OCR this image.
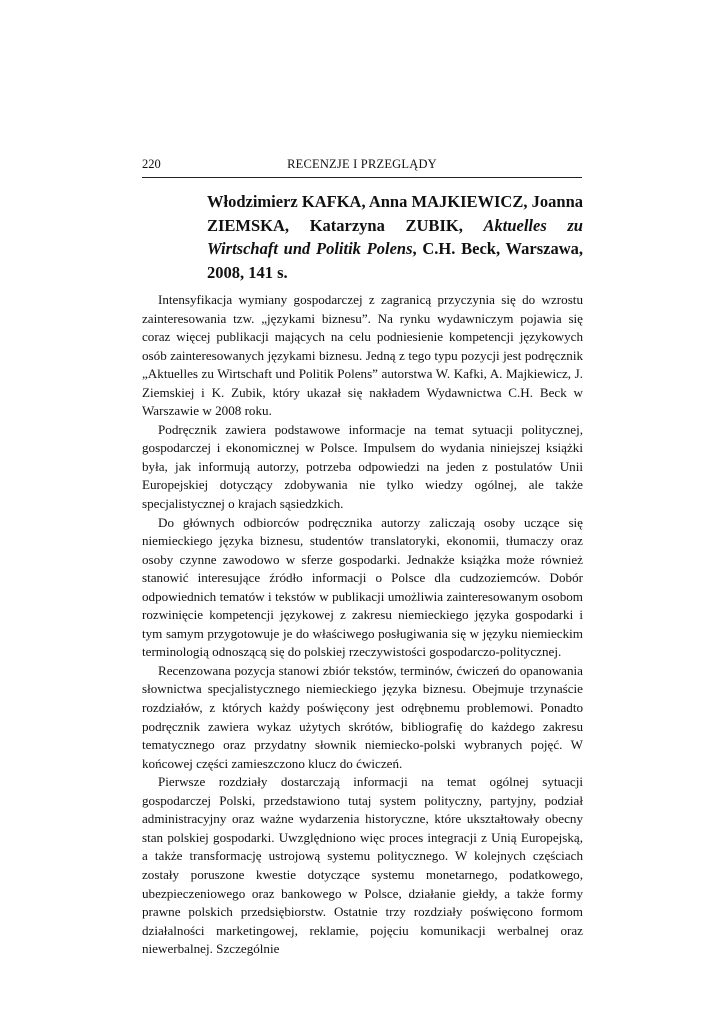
220	RECENZJE I PRZEGLĄDY
Włodzimierz KAFKA, Anna MAJKIEWICZ, Joanna ZIEMSKA, Katarzyna ZUBIK, Aktuelles zu Wirtschaft und Politik Polens, C.H. Beck, Warszawa, 2008, 141 s.

Intensyfikacja wymiany gospodarczej z zagranicą przyczynia się do wzrostu zainteresowania tzw. „językami biznesu”. Na rynku wydawniczym pojawia się coraz więcej publikacji mających na celu podniesienie kompetencji językowych osób zainteresowanych językami biznesu. Jedną z tego typu pozycji jest podręcznik „Aktuelles zu Wirtschaft und Politik Polens” autorstwa W. Kafki, A. Majkiewicz, J. Ziemskiej i K. Zubik, który ukazał się nakładem Wydawnictwa C.H. Beck w Warszawie w 2008 roku.

Podręcznik zawiera podstawowe informacje na temat sytuacji politycznej, gospodarczej i ekonomicznej w Polsce. Impulsem do wydania niniejszej książki była, jak informują autorzy, potrzeba odpowiedzi na jeden z postulatów Unii Europejskiej dotyczący zdobywania nie tylko wiedzy ogólnej, ale także specjalistycznej o krajach sąsiedzkich.

Do głównych odbiorców podręcznika autorzy zaliczają osoby uczące się niemieckiego języka biznesu, studentów translatoryki, ekonomii, tłumaczy oraz osoby czynne zawodowo w sferze gospodarki. Jednakże książka może również stanowić interesujące źródło informacji o Polsce dla cudzoziemców. Dobór odpowiednich tematów i tekstów w publikacji umożliwia zainteresowanym osobom rozwinięcie kompetencji językowej z zakresu niemieckiego języka gospodarki i tym samym przygotowuje je do właściwego posługiwania się w języku niemieckim terminologią odnoszącą się do polskiej rzeczywistości gospodarczo-politycznej.

Recenzowana pozycja stanowi zbiór tekstów, terminów, ćwiczeń do opanowania słownictwa specjalistycznego niemieckiego języka biznesu. Obejmuje trzynaście rozdziałów, z których każdy poświęcony jest odrębnemu problemowi. Ponadto podręcznik zawiera wykaz użytych skrótów, bibliografię do każdego zakresu tematycznego oraz przydatny słownik niemiecko-polski wybranych pojęć. W końcowej części zamieszczono klucz do ćwiczeń.

Pierwsze rozdziały dostarczają informacji na temat ogólnej sytuacji gospodarczej Polski, przedstawiono tutaj system polityczny, partyjny, podział administracyjny oraz ważne wydarzenia historyczne, które ukształtowały obecny stan polskiej gospodarki. Uwzględniono więc proces integracji z Unią Europejską, a także transformację ustrojową systemu politycznego. W kolejnych częściach zostały poruszone kwestie dotyczące systemu monetarnego, podatkowego, ubezpieczeniowego oraz bankowego w Polsce, działanie giełdy, a także formy prawne polskich przedsiębiorstw. Ostatnie trzy rozdziały poświęcono formom działalności marketingowej, reklamie, pojęciu komunikacji werbalnej oraz niewerbalnej. Szczególnie
